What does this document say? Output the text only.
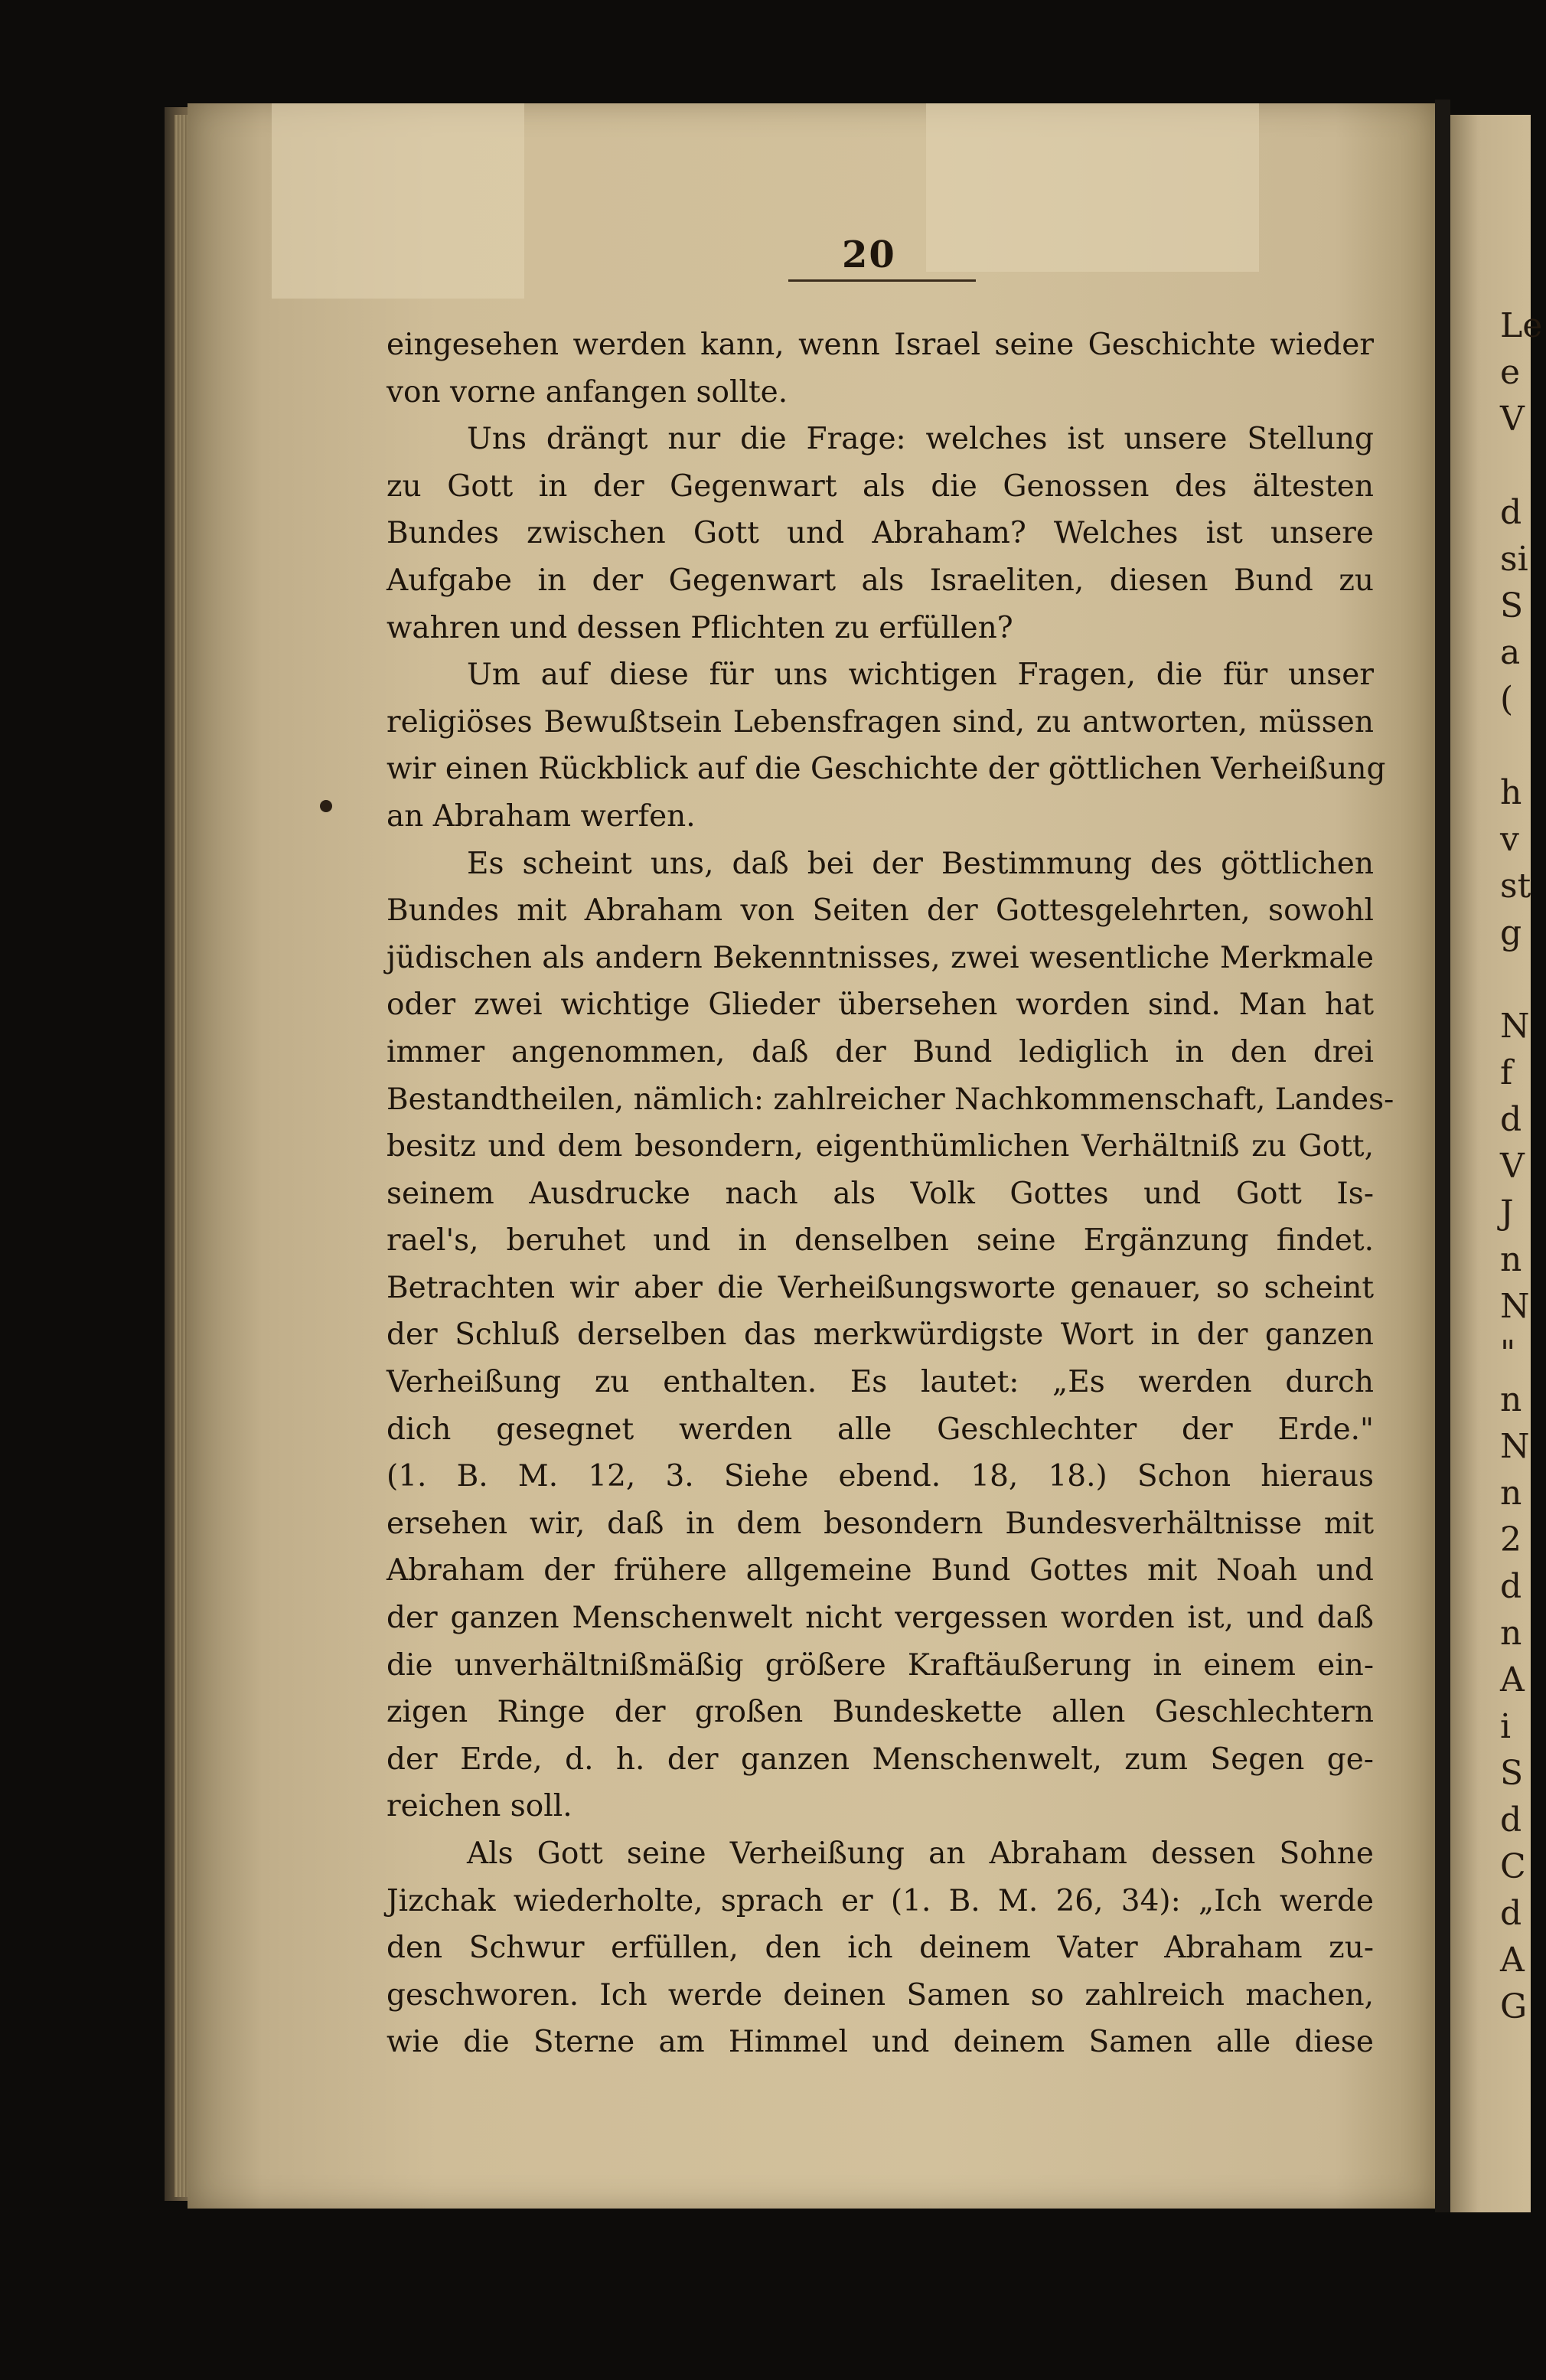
Le
e
V
d
si
S
a
(
h
v
st
g
N
f
d
V
J
n
N
"
n
N
n
2
d
n
A
i
S
d
C
d
A
G
20
eingesehen werden kann, wenn Israel seine Geschichte wieder
von vorne anfangen sollte.
Uns drängt nur die Frage: welches ist unsere Stellung
zu Gott in der Gegenwart als die Genossen des ältesten
Bundes zwischen Gott und Abraham? Welches ist unsere
Aufgabe in der Gegenwart als Israeliten, diesen Bund zu
wahren und dessen Pflichten zu erfüllen?
Um auf diese für uns wichtigen Fragen, die für unser
religiöses Bewußtsein Lebensfragen sind, zu antworten, müssen
wir einen Rückblick auf die Geschichte der göttlichen Verheißung
an Abraham werfen.
Es scheint uns, daß bei der Bestimmung des göttlichen
Bundes mit Abraham von Seiten der Gottesgelehrten, sowohl
jüdischen als andern Bekenntnisses, zwei wesentliche Merkmale
oder zwei wichtige Glieder übersehen worden sind. Man hat
immer angenommen, daß der Bund lediglich in den drei
Bestandtheilen, nämlich: zahlreicher Nachkommenschaft, Landes-
besitz und dem besondern, eigenthümlichen Verhältniß zu Gott,
seinem Ausdrucke nach als Volk Gottes und Gott Is-
rael's, beruhet und in denselben seine Ergänzung findet.
Betrachten wir aber die Verheißungsworte genauer, so scheint
der Schluß derselben das merkwürdigste Wort in der ganzen
Verheißung zu enthalten. Es lautet: „Es werden durch
dich gesegnet werden alle Geschlechter der Erde."
(1. B. M. 12, 3. Siehe ebend. 18, 18.) Schon hieraus
ersehen wir, daß in dem besondern Bundesverhältnisse mit
Abraham der frühere allgemeine Bund Gottes mit Noah und
der ganzen Menschenwelt nicht vergessen worden ist, und daß
die unverhältnißmäßig größere Kraftäußerung in einem ein-
zigen Ringe der großen Bundeskette allen Geschlechtern
der Erde, d. h. der ganzen Menschenwelt, zum Segen ge-
reichen soll.
Als Gott seine Verheißung an Abraham dessen Sohne
Jizchak wiederholte, sprach er (1. B. M. 26, 34): „Ich werde
den Schwur erfüllen, den ich deinem Vater Abraham zu-
geschworen. Ich werde deinen Samen so zahlreich machen,
wie die Sterne am Himmel und deinem Samen alle diese
